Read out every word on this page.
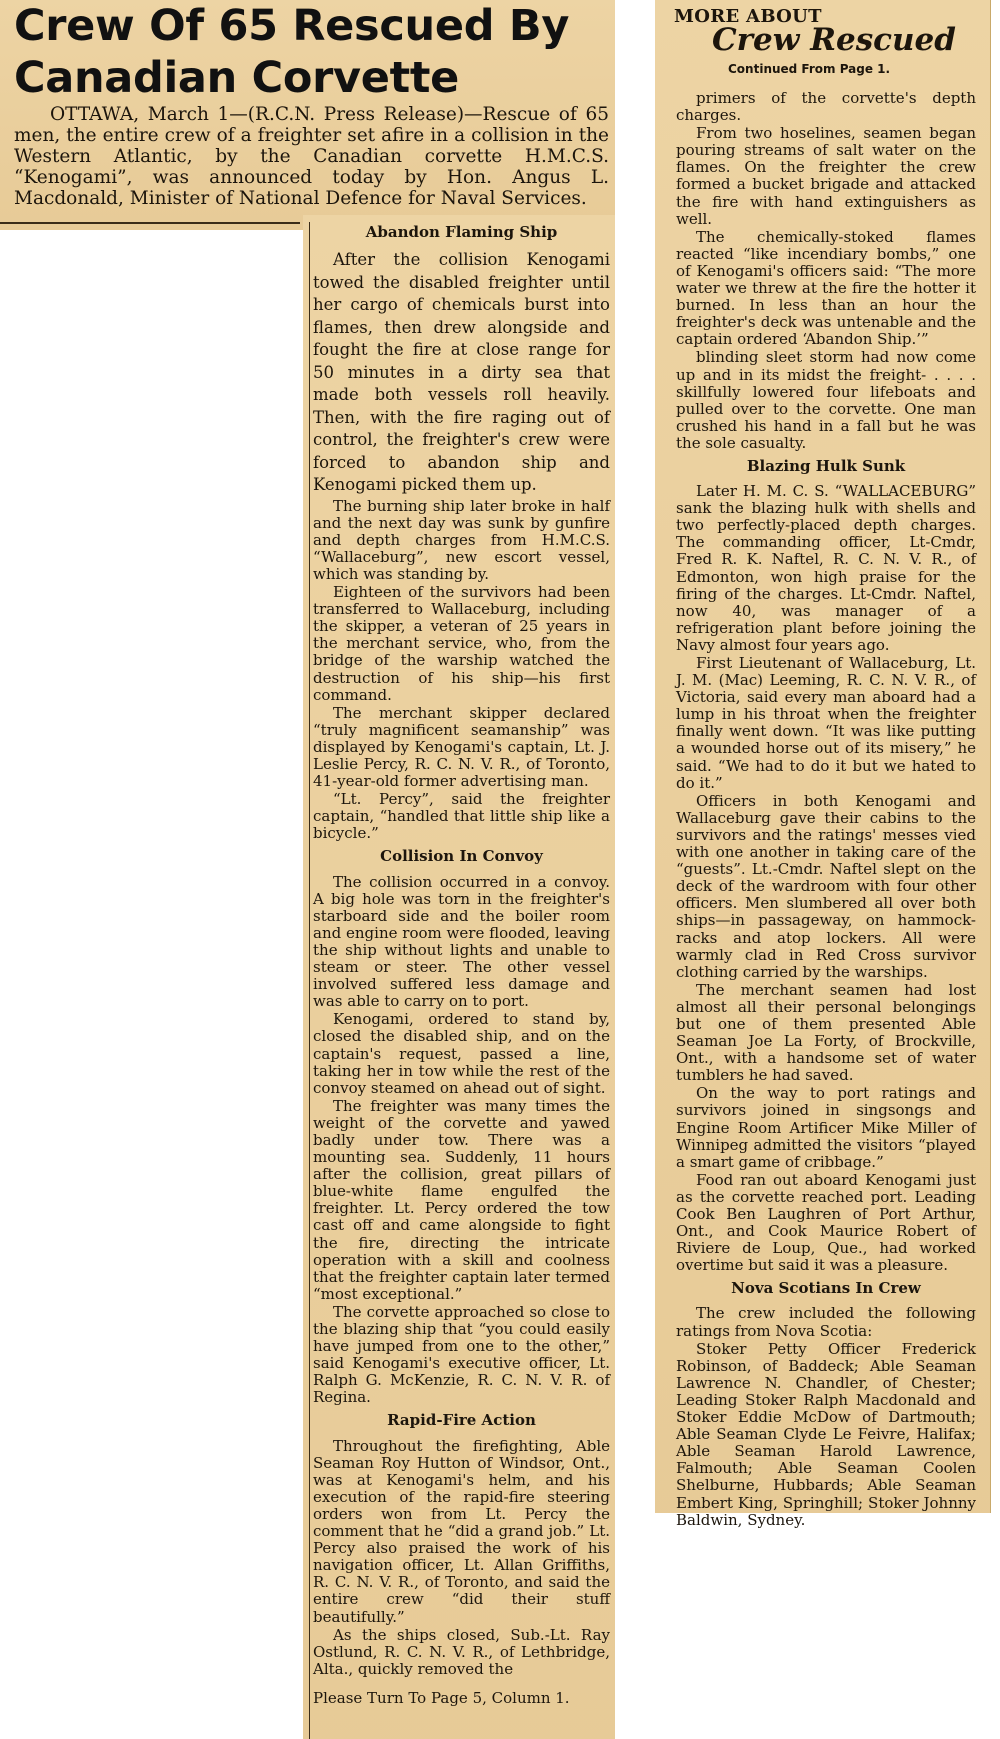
Crew Of 65 Rescued By Canadian Corvette

OTTAWA, March 1—(R.C.N. Press Release)—Rescue of 65 men, the entire crew of a freighter set afire in a collision in the Western Atlantic, by the Canadian corvette H.M.C.S. “Kenogami”, was announced today by Hon. Angus L. Macdonald, Minister of National Defence for Naval Services.

Abandon Flaming Ship

After the collision Kenogami towed the disabled freighter until her cargo of chemicals burst into flames, then drew alongside and fought the fire at close range for 50 minutes in a dirty sea that made both vessels roll heavily. Then, with the fire raging out of control, the freighter's crew were forced to abandon ship and Kenogami picked them up.

The burning ship later broke in half and the next day was sunk by gunfire and depth charges from H.M.C.S. “Wallaceburg”, new escort vessel, which was standing by.

Eighteen of the survivors had been transferred to Wallaceburg, including the skipper, a veteran of 25 years in the merchant service, who, from the bridge of the warship watched the destruction of his ship—his first command.

The merchant skipper declared “truly magnificent seamanship” was displayed by Kenogami's captain, Lt. J. Leslie Percy, R. C. N. V. R., of Toronto, 41-year-old former advertising man.

“Lt. Percy”, said the freighter captain, “handled that little ship like a bicycle.”

Collision In Convoy

The collision occurred in a convoy. A big hole was torn in the freighter's starboard side and the boiler room and engine room were flooded, leaving the ship without lights and unable to steam or steer. The other vessel involved suffered less damage and was able to carry on to port.

Kenogami, ordered to stand by, closed the disabled ship, and on the captain's request, passed a line, taking her in tow while the rest of the convoy steamed on ahead out of sight.

The freighter was many times the weight of the corvette and yawed badly under tow. There was a mounting sea. Suddenly, 11 hours after the collision, great pillars of blue-white flame engulfed the freighter. Lt. Percy ordered the tow cast off and came alongside to fight the fire, directing the intricate operation with a skill and coolness that the freighter captain later termed “most exceptional.”

The corvette approached so close to the blazing ship that “you could easily have jumped from one to the other,” said Kenogami's executive officer, Lt. Ralph G. McKenzie, R. C. N. V. R. of Regina.

Rapid-Fire Action

Throughout the firefighting, Able Seaman Roy Hutton of Windsor, Ont., was at Kenogami's helm, and his execution of the rapid-fire steering orders won from Lt. Percy the comment that he “did a grand job.” Lt. Percy also praised the work of his navigation officer, Lt. Allan Griffiths, R. C. N. V. R., of Toronto, and said the entire crew “did their stuff beautifully.”

As the ships closed, Sub.-Lt. Ray Ostlund, R. C. N. V. R., of Lethbridge, Alta., quickly removed the

Please Turn To Page 5, Column 1.

MORE ABOUT

Crew Rescued

Continued From Page 1.

primers of the corvette's depth charges.

From two hoselines, seamen began pouring streams of salt water on the flames. On the freighter the crew formed a bucket brigade and attacked the fire with hand extinguishers as well.

The chemically-stoked flames reacted “like incendiary bombs,” one of Kenogami's officers said: “The more water we threw at the fire the hotter it burned. In less than an hour the freighter's deck was untenable and the captain ordered ‘Abandon Ship.’”

blinding sleet storm had now come up and in its midst the freight- . . . . skillfully lowered four lifeboats and pulled over to the corvette. One man crushed his hand in a fall but he was the sole casualty.

Blazing Hulk Sunk

Later H. M. C. S. “WALLACEBURG” sank the blazing hulk with shells and two perfectly-placed depth charges. The commanding officer, Lt-Cmdr, Fred R. K. Naftel, R. C. N. V. R., of Edmonton, won high praise for the firing of the charges. Lt-Cmdr. Naftel, now 40, was manager of a refrigeration plant before joining the Navy almost four years ago.

First Lieutenant of Wallaceburg, Lt. J. M. (Mac) Leeming, R. C. N. V. R., of Victoria, said every man aboard had a lump in his throat when the freighter finally went down. “It was like putting a wounded horse out of its misery,” he said. “We had to do it but we hated to do it.”

Officers in both Kenogami and Wallaceburg gave their cabins to the survivors and the ratings' messes vied with one another in taking care of the “guests”. Lt.-Cmdr. Naftel slept on the deck of the wardroom with four other officers. Men slumbered all over both ships—in passageway, on hammock-racks and atop lockers. All were warmly clad in Red Cross survivor clothing carried by the warships.

The merchant seamen had lost almost all their personal belongings but one of them presented Able Seaman Joe La Forty, of Brockville, Ont., with a handsome set of water tumblers he had saved.

On the way to port ratings and survivors joined in singsongs and Engine Room Artificer Mike Miller of Winnipeg admitted the visitors “played a smart game of cribbage.”

Food ran out aboard Kenogami just as the corvette reached port. Leading Cook Ben Laughren of Port Arthur, Ont., and Cook Maurice Robert of Riviere de Loup, Que., had worked overtime but said it was a pleasure.

Nova Scotians In Crew

The crew included the following ratings from Nova Scotia:

Stoker Petty Officer Frederick Robinson, of Baddeck; Able Seaman Lawrence N. Chandler, of Chester; Leading Stoker Ralph Macdonald and Stoker Eddie McDow of Dartmouth; Able Seaman Clyde Le Feivre, Halifax; Able Seaman Harold Lawrence, Falmouth; Able Seaman Coolen Shelburne, Hubbards; Able Seaman Embert King, Springhill; Stoker Johnny Baldwin, Sydney.
